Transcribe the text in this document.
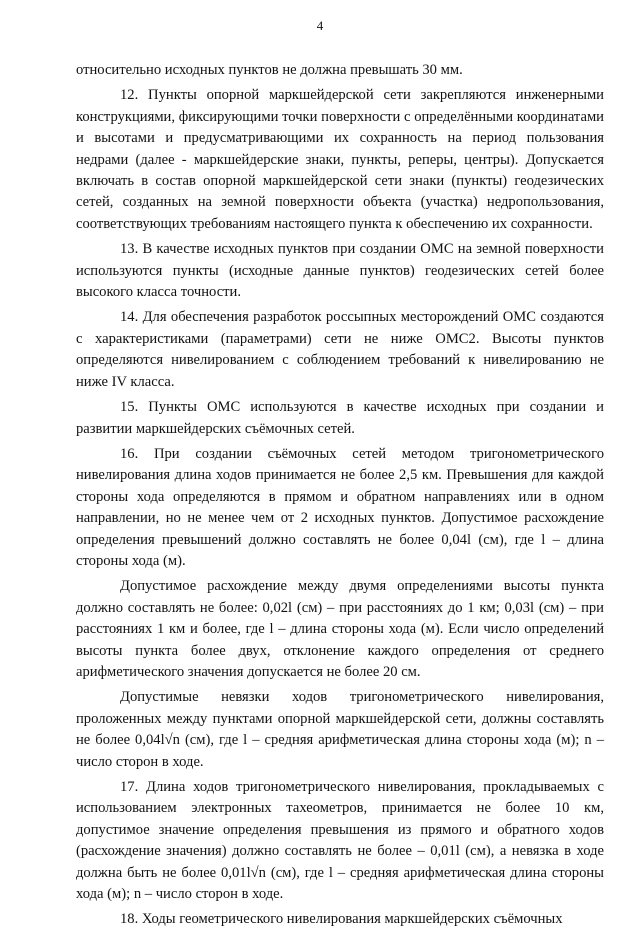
4

относительно исходных пунктов не должна превышать 30 мм.

12. Пункты опорной маркшейдерской сети закрепляются инженерными конструкциями, фиксирующими точки поверхности с определёнными координатами и высотами и предусматривающими их сохранность на период пользования недрами (далее - маркшейдерские знаки, пункты, реперы, центры). Допускается включать в состав опорной маркшейдерской сети знаки (пункты) геодезических сетей, созданных на земной поверхности объекта (участка) недропользования, соответствующих требованиям настоящего пункта к обеспечению их сохранности.

13. В качестве исходных пунктов при создании ОМС на земной поверхности используются пункты (исходные данные пунктов) геодезических сетей более высокого класса точности.

14. Для обеспечения разработок россыпных месторождений ОМС создаются с характеристиками (параметрами) сети не ниже ОМС2. Высоты пунктов определяются нивелированием с соблюдением требований к нивелированию не ниже IV класса.

15. Пункты ОМС используются в качестве исходных при создании и развитии маркшейдерских съёмочных сетей.

16. При создании съёмочных сетей методом тригонометрического нивелирования длина ходов принимается не более 2,5 км. Превышения для каждой стороны хода определяются в прямом и обратном направлениях или в одном направлении, но не менее чем от 2 исходных пунктов. Допустимое расхождение определения превышений должно составлять не более 0,04l (см), где l – длина стороны хода (м).

Допустимое расхождение между двумя определениями высоты пункта должно составлять не более: 0,02l (см) – при расстояниях до 1 км; 0,03l (см) – при расстояниях 1 км и более, где l – длина стороны хода (м). Если число определений высоты пункта более двух, отклонение каждого определения от среднего арифметического значения допускается не более 20 см.

Допустимые невязки ходов тригонометрического нивелирования, проложенных между пунктами опорной маркшейдерской сети, должны составлять не более 0,04l√n (см), где l – средняя арифметическая длина стороны хода (м); n – число сторон в ходе.

17. Длина ходов тригонометрического нивелирования, прокладываемых с использованием электронных тахеометров, принимается не более 10 км, допустимое значение определения превышения из прямого и обратного ходов (расхождение значения) должно составлять не более – 0,01l (см), а невязка в ходе должна быть не более 0,01l√n (см), где l – средняя арифметическая длина стороны хода (м); n – число сторон в ходе.

18. Ходы геометрического нивелирования маркшейдерских съёмочных
